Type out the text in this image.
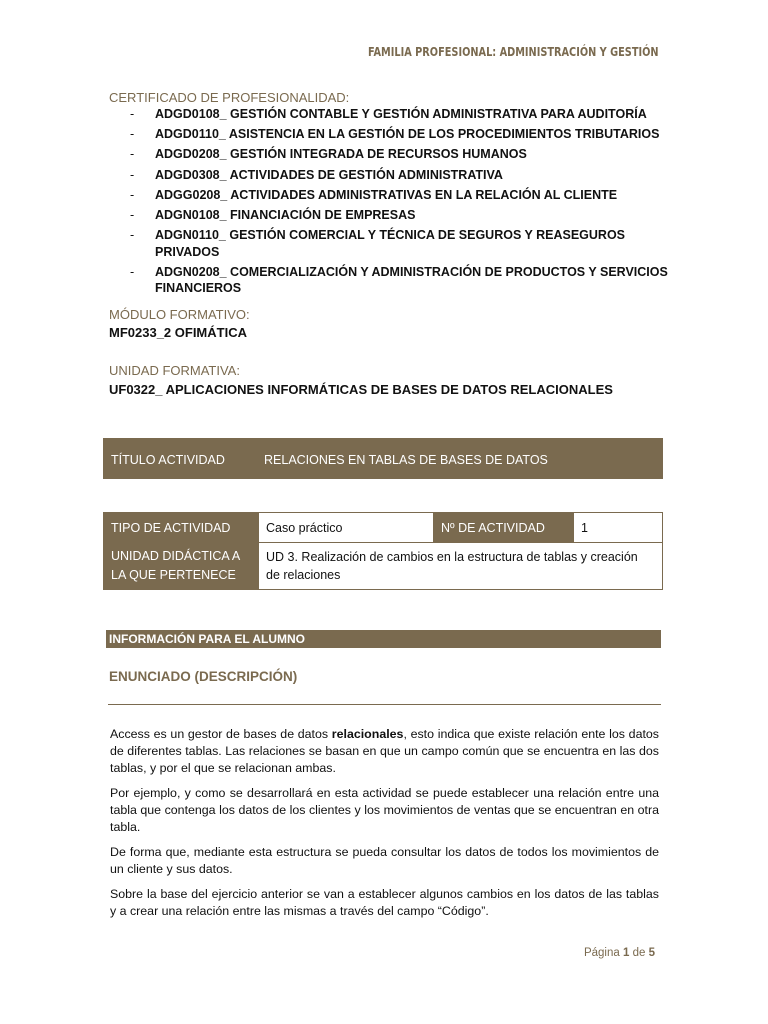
FAMILIA PROFESIONAL: ADMINISTRACIÓN Y GESTIÓN
CERTIFICADO DE PROFESIONALIDAD:
- ADGD0108_ GESTIÓN CONTABLE Y GESTIÓN ADMINISTRATIVA PARA AUDITORÍA
- ADGD0110_ ASISTENCIA EN LA GESTIÓN DE LOS PROCEDIMIENTOS TRIBUTARIOS
- ADGD0208_ GESTIÓN INTEGRADA DE RECURSOS HUMANOS
- ADGD0308_ ACTIVIDADES DE GESTIÓN ADMINISTRATIVA
- ADGG0208_ ACTIVIDADES ADMINISTRATIVAS EN LA RELACIÓN AL CLIENTE
- ADGN0108_ FINANCIACIÓN DE EMPRESAS
- ADGN0110_ GESTIÓN COMERCIAL Y TÉCNICA DE SEGUROS Y REASEGUROS PRIVADOS
- ADGN0208_ COMERCIALIZACIÓN Y ADMINISTRACIÓN DE PRODUCTOS Y SERVICIOS FINANCIEROS
MÓDULO FORMATIVO:
MF0233_2 OFIMÁTICA
UNIDAD FORMATIVA:
UF0322_ APLICACIONES INFORMÁTICAS DE BASES DE DATOS RELACIONALES
TÍTULO ACTIVIDAD	RELACIONES EN TABLAS DE BASES DE DATOS
TIPO DE ACTIVIDAD	Caso práctico	Nº DE ACTIVIDAD	1
UNIDAD DIDÁCTICA A LA QUE PERTENECE	UD 3. Realización de cambios en la estructura de tablas y creación de relaciones		
INFORMACIÓN PARA EL ALUMNO
ENUNCIADO (DESCRIPCIÓN)

Access es un gestor de bases de datos relacionales, esto indica que existe relación ente los datos de diferentes tablas. Las relaciones se basan en que un campo común que se encuentra en las dos tablas, y por el que se relacionan ambas.

Por ejemplo, y como se desarrollará en esta actividad se puede establecer una relación entre una tabla que contenga los datos de los clientes y los movimientos de ventas que se encuentran en otra tabla.

De forma que, mediante esta estructura se pueda consultar los datos de todos los movimientos de un cliente y sus datos.

Sobre la base del ejercicio anterior se van a establecer algunos cambios en los datos de las tablas y a crear una relación entre las mismas a través del campo “Código”.

Página 1 de 5
